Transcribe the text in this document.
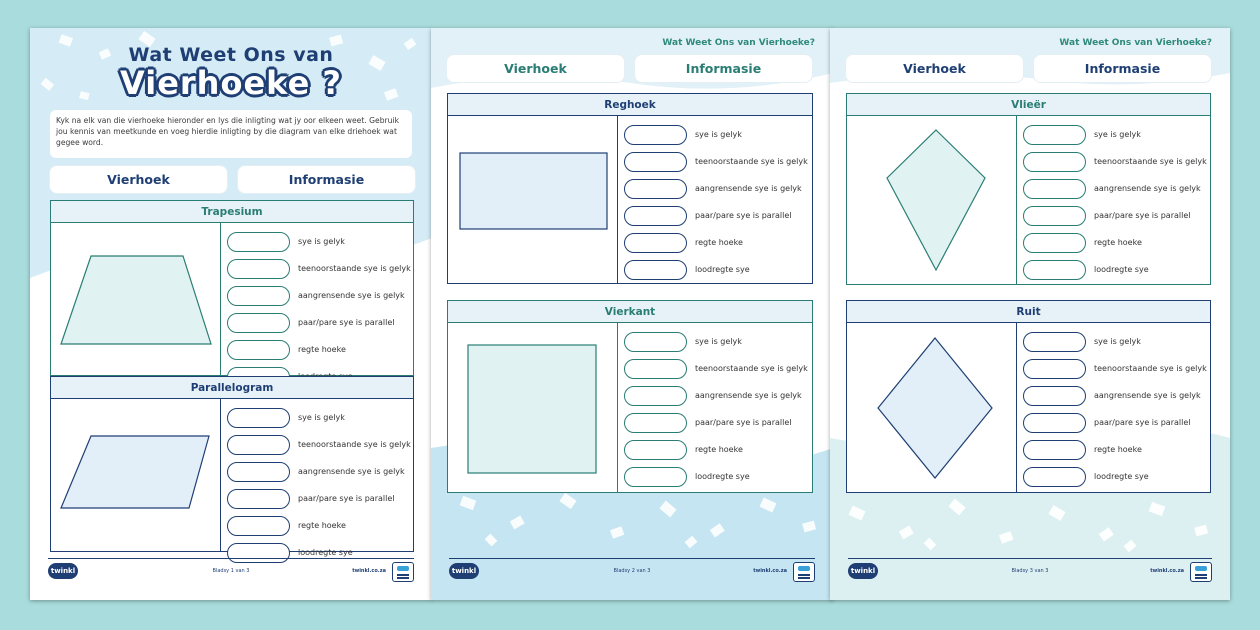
Wat Weet Ons van
Vierhoeke ?
Kyk na elk van die vierhoeke hieronder en lys die inligting wat jy oor elkeen weet. Gebruik jou kennis van meetkunde en voeg hierdie inligting by die diagram van elke driehoek wat gegee word.
Vierhoek	Informasie
Trapesium
sye is gelyk
teenoorstaande sye is gelyk
aangrensende sye is gelyk
paar/pare sye is parallel
regte hoeke
Parallelogram
sye is gelyk
teenoorstaande sye is gelyk
aangrensende sye is gelyk
paar/pare sye is parallel
regte hoeke
loodregte sye
twinkl	Bladsy 1 van 3	twinkl.co.za
Wat Weet Ons van Vierhoeke?
Vierhoek	Informasie
Reghoek
sye is gelyk
teenoorstaande sye is gelyk
aangrensende sye is gelyk
paar/pare sye is parallel
regte hoeke
loodregte sye
Vierkant
sye is gelyk
teenoorstaande sye is gelyk
aangrensende sye is gelyk
paar/pare sye is parallel
regte hoeke
loodregte sye
twinkl	Bladsy 2 van 3	twinkl.co.za
Wat Weet Ons van Vierhoeke?
Vierhoek	Informasie
Vlieër
sye is gelyk
teenoorstaande sye is gelyk
aangrensende sye is gelyk
paar/pare sye is parallel
regte hoeke
loodregte sye
Ruit
sye is gelyk
teenoorstaande sye is gelyk
aangrensende sye is gelyk
paar/pare sye is parallel
regte hoeke
loodregte sye
twinkl	Bladsy 3 van 3	twinkl.co.za
